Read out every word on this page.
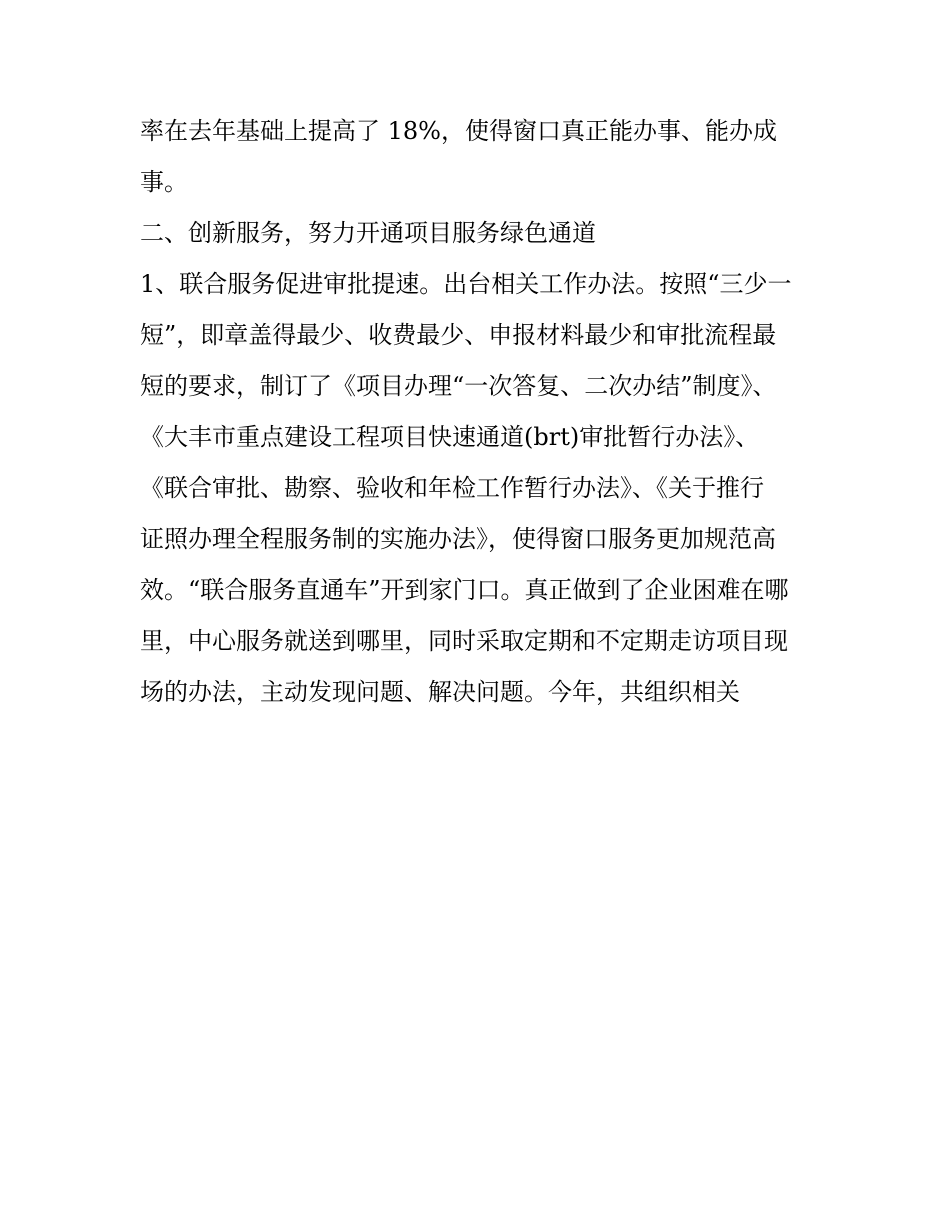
率在去年基础上提高了 18%，使得窗口真正能办事、能办成
事。
二、创新服务，努力开通项目服务绿色通道
1、联合服务促进审批提速。出台相关工作办法。按照“三少一
短”，即章盖得最少、收费最少、申报材料最少和审批流程最
短的要求，制订了《项目办理“一次答复、二次办结”制度》、
《大丰市重点建设工程项目快速通道(brt)审批暂行办法》、
《联合审批、勘察、验收和年检工作暂行办法》、《关于推行
证照办理全程服务制的实施办法》，使得窗口服务更加规范高
效。“联合服务直通车”开到家门口。真正做到了企业困难在哪
里，中心服务就送到哪里，同时采取定期和不定期走访项目现
场的办法，主动发现问题、解决问题。今年，共组织相关
